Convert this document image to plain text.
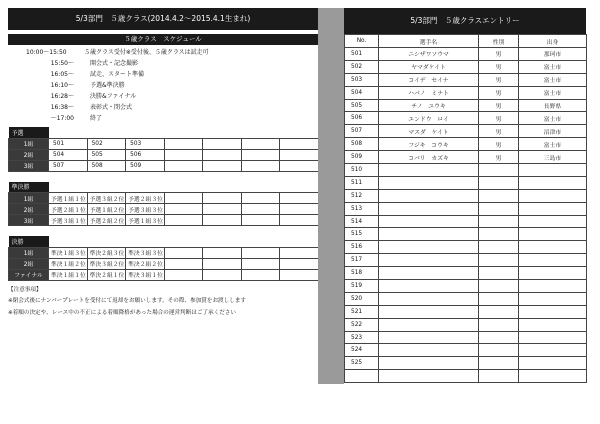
5/3部門　５歳クラス(2014.4.2～2015.4.1生まれ)
５歳クラス　スケジュール
10:00～15:50	５歳クラス受付※受付後、５歳クラスは試走可
15:50～	開会式・記念撮影
16:05～	試走、スタート準備
16:10～	予選&準決勝
16:28～	決勝&ファイナル
16:38～	表彰式・閉会式
～17:00	終了
予選							
1組	501	502	503				
2組	504	505	506				
3組	507	508	509				
準決勝							
1組	予選１組１位	予選３組２位	予選２組３位				
2組	予選２組１位	予選１組２位	予選３組３位				
3組	予選３組１位	予選２組２位	予選１組３位				
決勝							
1組	準決１組３位	準決２組３位	準決３組３位				
2組	準決１組２位	準決３組２位	準決２組２位				
ファイナル	準決１組１位	準決２組１位	準決３組１位				
【注意事項】
※閉会式後にナンバープレートを受付にて返却をお願いします。その際、参加賞をお渡しします
※着順の決定や、レース中の不正による着順降格があった場合の運営判断はご了承ください
5/3部門　５歳クラスエントリー
No.	選手名	性別	出身
501	ニシザワソウマ	男	那珂市
502	ヤマダケイト	男	富士市
503	コイデ　セイナ	男	富士市
504	ハバノ　ミナト	男	富士市
505	チノ　ユウキ	男	長野県
506	エンドウ　ロイ	男	富士市
507	マスダ　ケイト	男	沼津市
508	フジキ　コウキ	男	富士市
509	コバリ　カズキ	男	三島市
510			
511			
512			
513			
514			
515			
516			
517			
518			
519			
520			
521			
522			
523			
524			
525			
